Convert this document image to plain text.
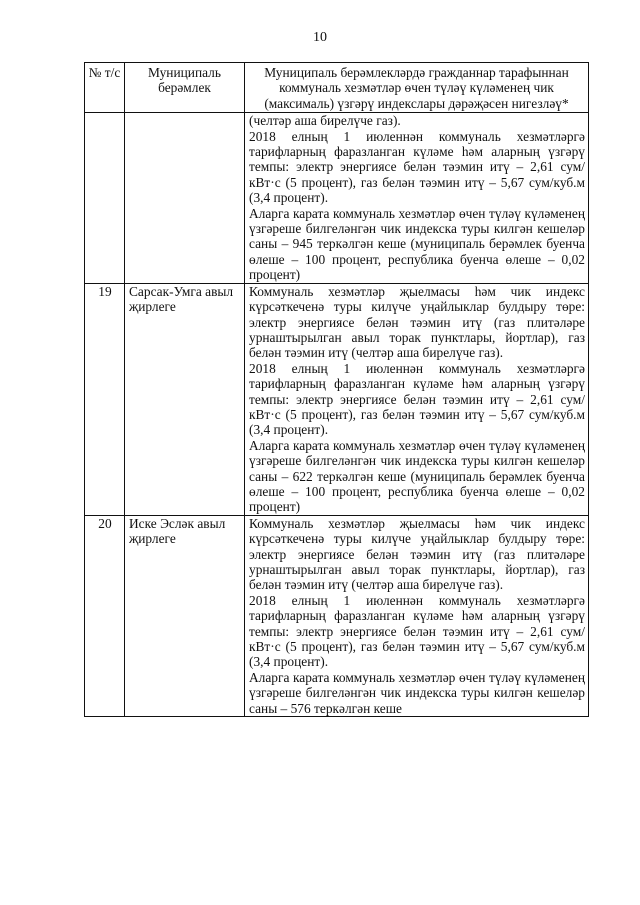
10
№ т/с	Муниципаль берәмлек	Муниципаль берәмлекләрдә гражданнар тарафыннан коммуналь хезмәтләр өчен түләү күләменең чик (максималь) үзгәрү индекслары дәрәҗәсен нигезләү*

		(челтәр аша бирелүче газ).

2018 елның 1 июленнән коммуналь хезмәтләргә тарифларның фаразланган күләме һәм аларның үзгәрү темпы: электр энергиясе белән тәэмин итү – 2,61 сум/кВт·с (5 процент), газ белән тәэмин итү – 5,67 сум/куб.м (3,4 процент).

Аларга карата коммуналь хезмәтләр өчен түләү күләменең үзгәреше билгеләнгән чик индекска туры килгән кешеләр саны – 945 теркәлгән кеше (муниципаль берәмлек буенча өлеше – 100 процент, республика буенча өлеше – 0,02 процент)

19	Сарсак-Умга авыл җирлеге	Коммуналь хезмәтләр җыелмасы һәм чик индекс күрсәткеченә туры килүче уңайлыклар булдыру төре: электр энергиясе белән тәэмин итү (газ плитәләре урнаштырылган авыл торак пунктлары, йортлар), газ белән тәэмин итү (челтәр аша бирелүче газ).

2018 елның 1 июленнән коммуналь хезмәтләргә тарифларның фаразланган күләме һәм аларның үзгәрү темпы: электр энергиясе белән тәэмин итү – 2,61 сум/кВт·с (5 процент), газ белән тәэмин итү – 5,67 сум/куб.м (3,4 процент).

Аларга карата коммуналь хезмәтләр өчен түләү күләменең үзгәреше билгеләнгән чик индекска туры килгән кешеләр саны – 622 теркәлгән кеше (муниципаль берәмлек буенча өлеше – 100 процент, республика буенча өлеше – 0,02 процент)

20	Иске Эсләк авыл җирлеге	Коммуналь хезмәтләр җыелмасы һәм чик индекс күрсәткеченә туры килүче уңайлыклар булдыру төре: электр энергиясе белән тәэмин итү (газ плитәләре урнаштырылган авыл торак пунктлары, йортлар), газ белән тәэмин итү (челтәр аша бирелүче газ).

2018 елның 1 июленнән коммуналь хезмәтләргә тарифларның фаразланган күләме һәм аларның үзгәрү темпы: электр энергиясе белән тәэмин итү – 2,61 сум/кВт·с (5 процент), газ белән тәэмин итү – 5,67 сум/куб.м (3,4 процент).

Аларга карата коммуналь хезмәтләр өчен түләү күләменең үзгәреше билгеләнгән чик индекска туры килгән кешеләр саны – 576 теркәлгән кеше
